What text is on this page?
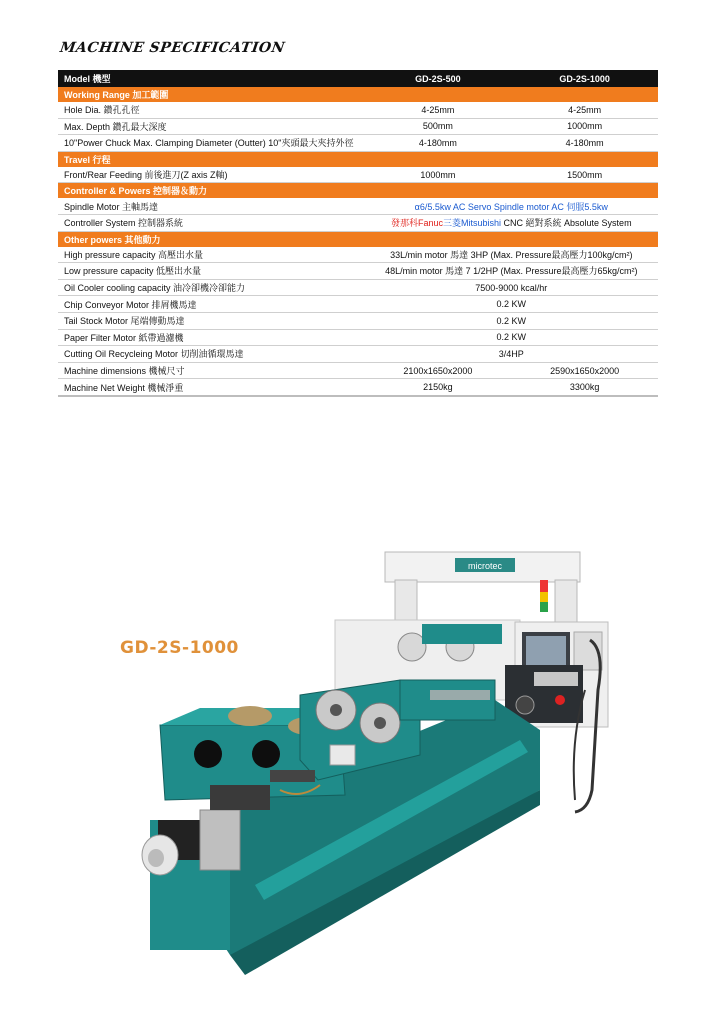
MACHINE SPECIFICATION
Model 機型	GD-2S-500	GD-2S-1000
Working Range 加工範圍		
Hole Dia. 鑽孔孔徑	4-25mm	4-25mm
Max. Depth 鑽孔最大深度	500mm	1000mm
10"Power Chuck Max. Clamping Diameter (Outter) 10"夾頭最大夾持外徑	4-180mm	4-180mm
Travel 行程		
Front/Rear Feeding 前後進刀(Z axis Z軸)	1000mm	1500mm
Controller & Powers 控制器＆動力		
Spindle Motor 主軸馬達	α6/5.5kw AC Servo Spindle motor AC 伺服5.5kw	
Controller System 控制器系統	發那科Fanuc三菱Mitsubishi CNC 絕對系統 Absolute System	
Other powers 其他動力		
High pressure capacity 高壓出水量	33L/min motor 馬達 3HP (Max. Pressure最高壓力100kg/cm²)	
Low pressure capacity 低壓出水量	48L/min motor 馬達 7 1/2HP (Max. Pressure最高壓力65kg/cm²)	
Oil Cooler cooling capacity 油冷卻機冷卻能力	7500-9000 kcal/hr	
Chip Conveyor Motor 排屑機馬達	0.2 KW	
Tail Stock Motor 尾端傳動馬達	0.2 KW	
Paper Filter Motor 紙帶過濾機	0.2 KW	
Cutting Oil Recycleing Motor 切削油循環馬達	3/4HP	
Machine dimensions 機械尺寸	2100x1650x2000	2590x1650x2000
Machine Net Weight 機械淨重	2150kg	3300kg
GD-2S-1000
microtec
